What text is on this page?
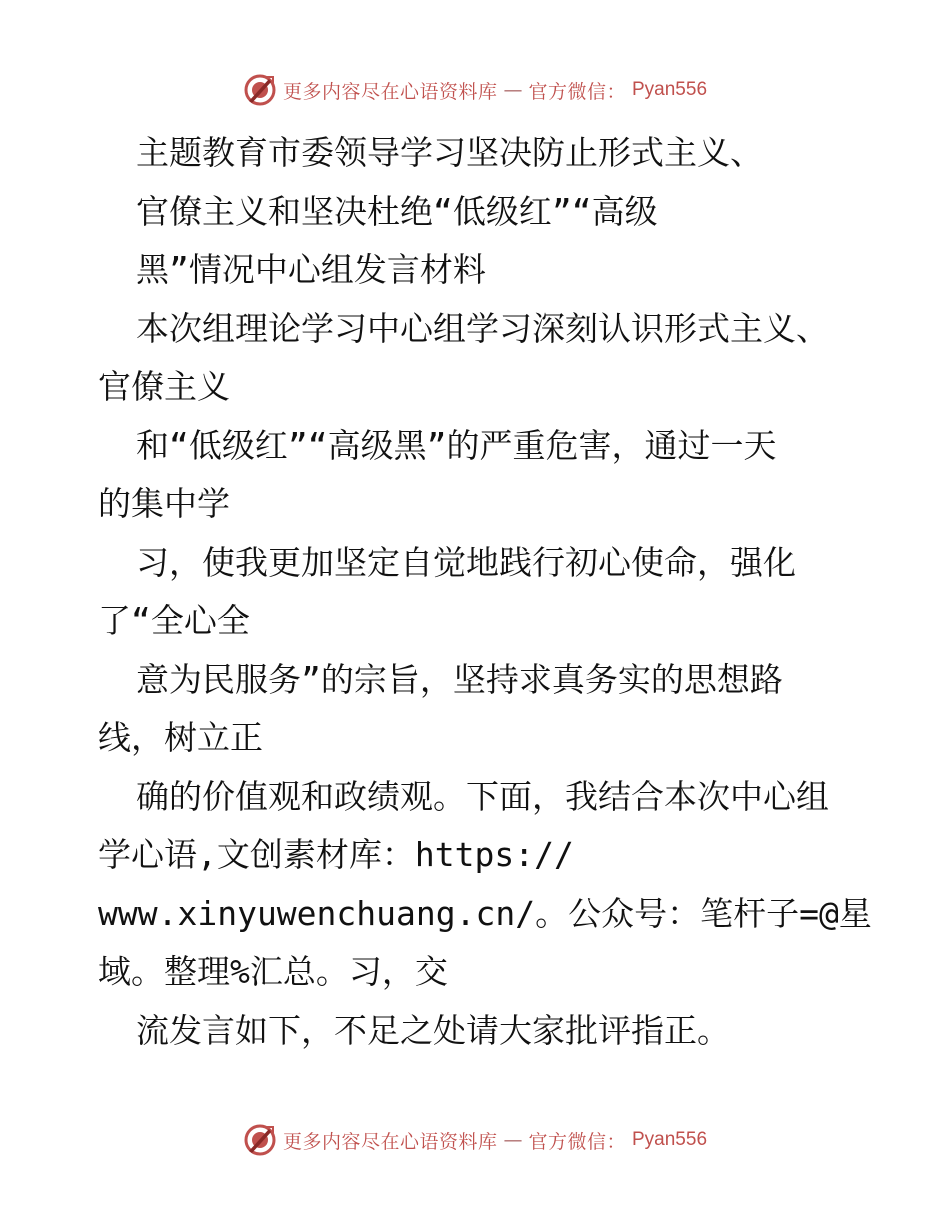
更多内容尽在心语资料库 — 官方微信： Pyan556
主题教育市委领导学习坚决防止形式主义、
官僚主义和坚决杜绝“低级红”“高级
黑”情况中心组发言材料
本次组理论学习中心组学习深刻认识形式主义、
官僚主义
和“低级红”“高级黑”的严重危害，通过一天
的集中学
习，使我更加坚定自觉地践行初心使命，强化
了“全心全
意为民服务”的宗旨，坚持求真务实的思想路
线，树立正
确的价值观和政绩观。下面，我结合本次中心组
学心语,文创素材库：https://
www.xinyuwenchuang.cn/。公众号：笔杆子=@星
域。整理%汇总。习，交
流发言如下，不足之处请大家批评指正。
更多内容尽在心语资料库 — 官方微信： Pyan556
